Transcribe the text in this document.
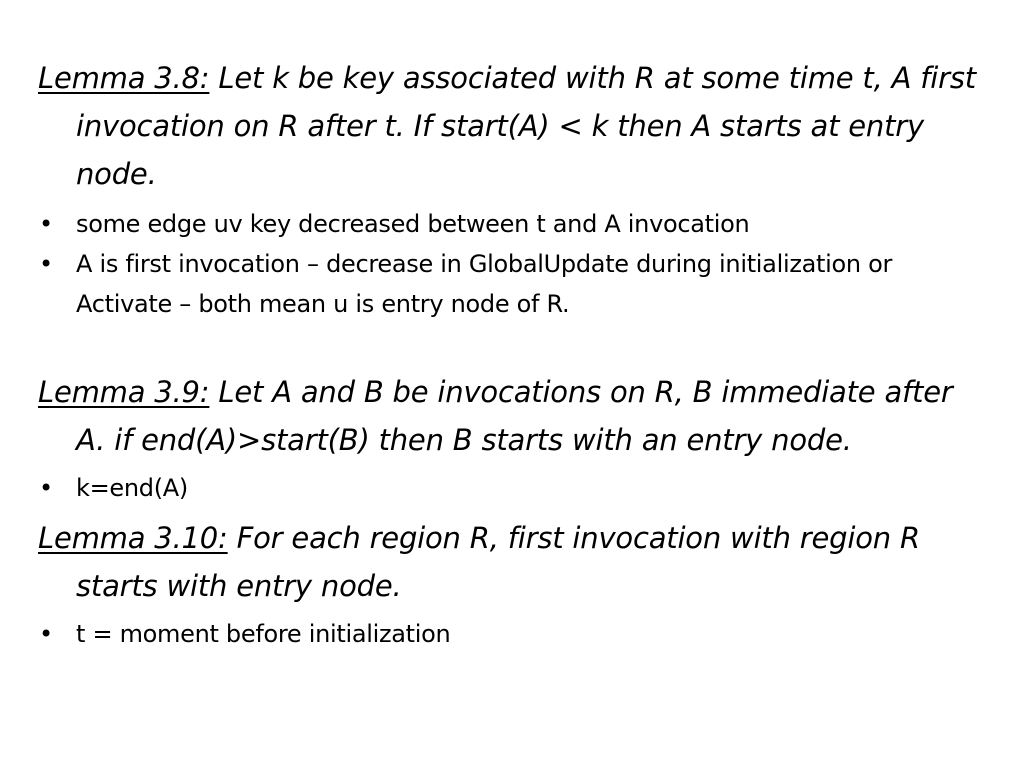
Lemma 3.8: Let k be key associated with R at some time t, A first invocation on R after t. If start(A) < k then A starts at entry node.

• some edge uv key decreased between t and A invocation
• A is first invocation – decrease in GlobalUpdate during initialization or Activate – both mean u is entry node of R.

Lemma 3.9: Let A and B be invocations on R, B immediate after A. if end(A)>start(B) then B starts with an entry node.

• k=end(A)

Lemma 3.10: For each region R, first invocation with region R starts with entry node.

• t = moment before initialization
